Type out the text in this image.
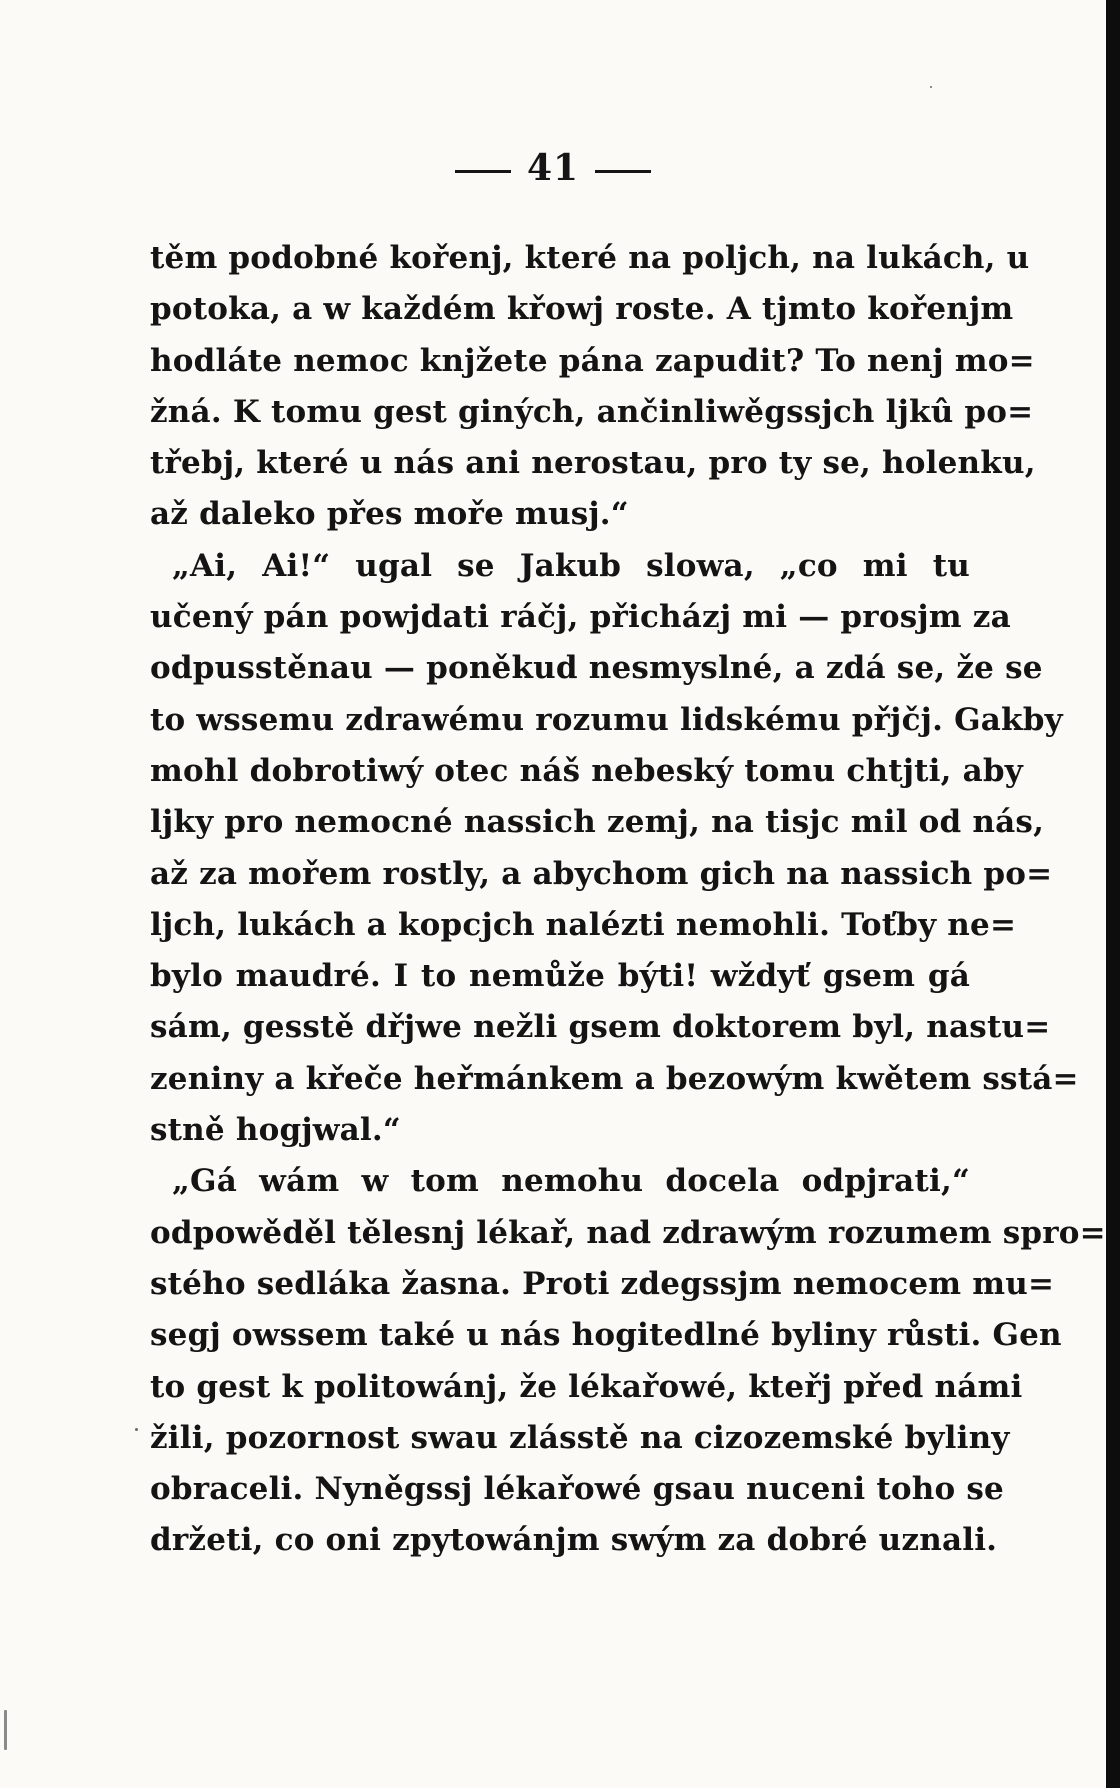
41
těm podobné kořenj, které na poljch, na lukách, u
potoka, a w každém křowj roste. A tjmto kořenjm
hodláte nemoc knjžete pána zapudit? To nenj mo=
žná. K tomu gest giných, ančinliwěgssjch ljkû po=
třebj, které u nás ani nerostau, pro ty se, holenku,
až daleko přes moře musj.“
„Ai, Ai!“ ugal se Jakub slowa, „co mi tu
učený pán powjdati ráčj, přicházj mi — prosjm za
odpusstěnau — poněkud nesmyslné, a zdá se, že se
to wssemu zdrawému rozumu lidskému přjčj. Gakby
mohl dobrotiwý otec náš nebeský tomu chtjti, aby
ljky pro nemocné nassich zemj, na tisjc mil od nás,
až za mořem rostly, a abychom gich na nassich po=
ljch, lukách a kopcjch nalézti nemohli. Toťby ne=
bylo maudré. I to nemůže býti! wždyť gsem gá
sám, gesstě dřjwe nežli gsem doktorem byl, nastu=
zeniny a křeče heřmánkem a bezowým kwětem sstá=
stně hogjwal.“
„Gá wám w tom nemohu docela odpjrati,“
odpowěděl tělesnj lékař, nad zdrawým rozumem spro=
stého sedláka žasna. Proti zdegssjm nemocem mu=
segj owssem také u nás hogitedlné byliny růsti. Gen
to gest k politowánj, že lékařowé, kteřj před námi
žili, pozornost swau zlásstě na cizozemské byliny
obraceli. Nyněgssj lékařowé gsau nuceni toho se
držeti, co oni zpytowánjm swým za dobré uznali.
